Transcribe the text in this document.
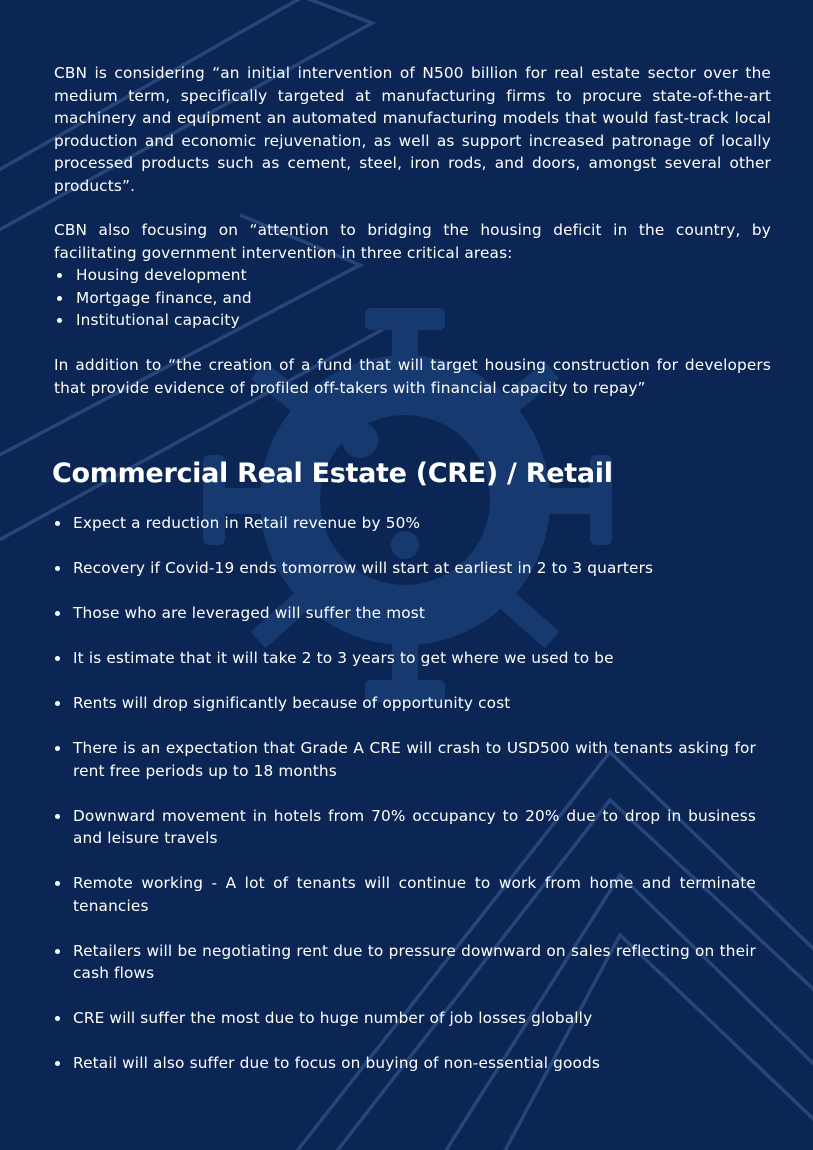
CBN is considering “an initial intervention of N500 billion for real estate sector over the medium term, specifically targeted at manufacturing firms to procure state-of-the-art machinery and equipment an automated manufacturing models that would fast-track local production and economic rejuvenation, as well as support increased patronage of locally processed products such as cement, steel, iron rods, and doors, amongst several other products”.

CBN also focusing on “attention to bridging the housing deficit in the country, by facilitating government intervention in three critical areas:

Housing development
Mortgage finance, and
Institutional capacity

In addition to “the creation of a fund that will target housing construction for developers that provide evidence of profiled off-takers with financial capacity to repay”

Commercial Real Estate (CRE) / Retail
Expect a reduction in Retail revenue by 50%
Recovery if Covid-19 ends tomorrow will start at earliest in 2 to 3 quarters
Those who are leveraged will suffer the most
It is estimate that it will take 2 to 3 years to get where we used to be
Rents will drop significantly because of opportunity cost
There is an expectation that Grade A CRE will crash to USD500 with tenants asking for rent free periods up to 18 months
Downward movement in hotels from 70% occupancy to 20% due to drop in business and leisure travels
Remote working - A lot of tenants will continue to work from home and terminate tenancies
Retailers will be negotiating rent due to pressure downward on sales reflecting on their cash flows
CRE will suffer the most due to huge number of job losses globally
Retail will also suffer due to focus on buying of non-essential goods
